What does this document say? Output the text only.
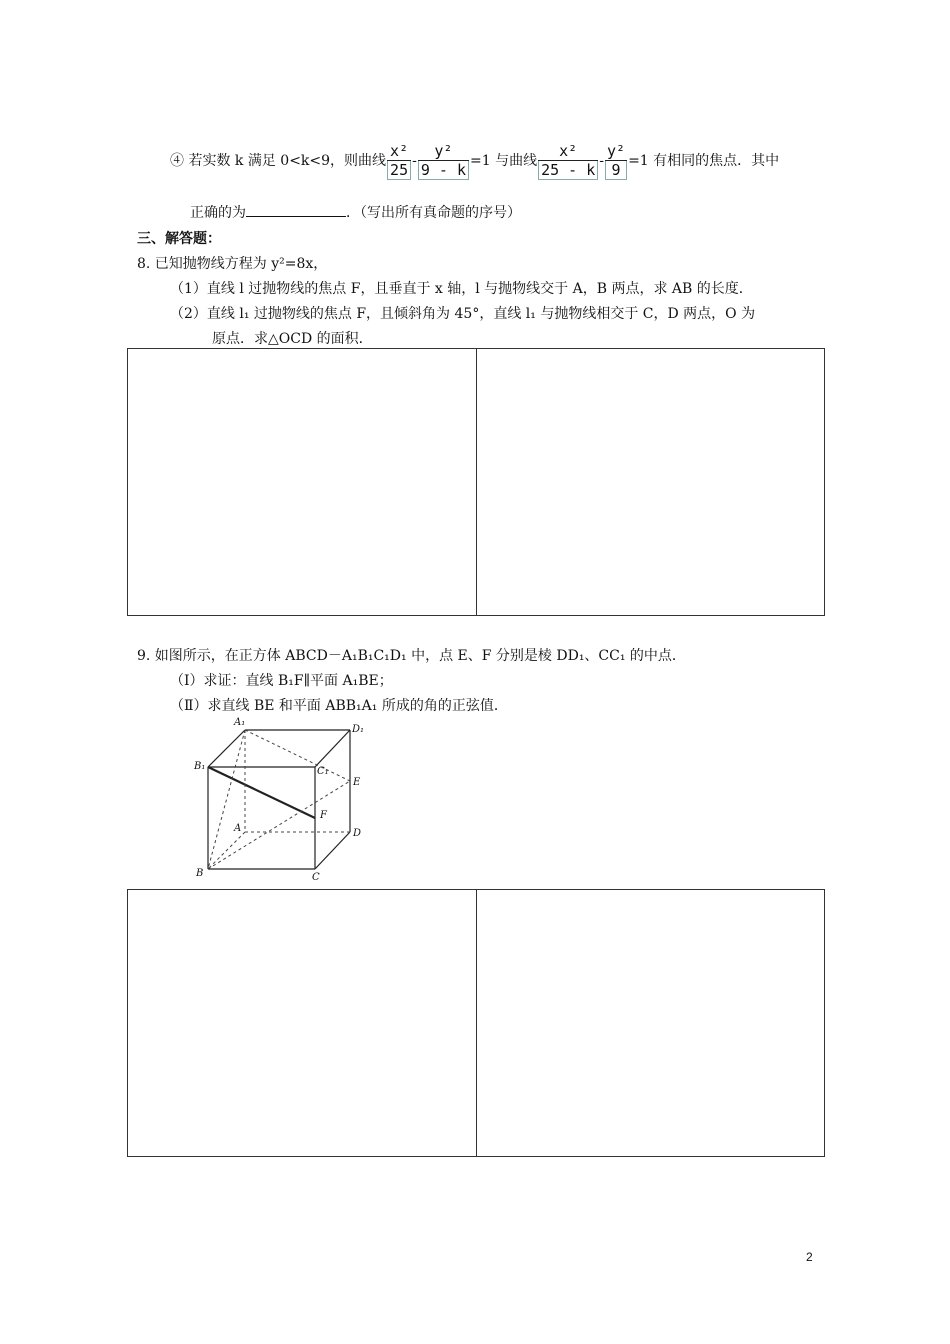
④ 若实数 k 满足 0<k<9，则曲线 $\frac{\text{x²}}{25} - \frac{\text{y²}}{9 - k} =1$ 与曲线 $\frac{\text{x²}}{25 - k} - \frac{\text{y²}}{9} =1$ 有相同的焦点．其中
正确的为	．（写出所有真命题的序号）
三、解答题：
8. 已知抛物线方程为 y²=8x，
（1）直线 l 过抛物线的焦点 F，且垂直于 x 轴，l 与抛物线交于 A，B 两点，求 AB 的长度．
（2）直线 l₁ 过抛物线的焦点 F，且倾斜角为 45°，直线 l₁ 与抛物线相交于 C，D 两点，O 为
原点．求△OCD 的面积．
9. 如图所示，在正方体 ABCD－A₁B₁C₁D₁ 中，点 E、F 分别是棱 DD₁、CC₁ 的中点．
（Ⅰ）求证：直线 B₁F∥平面 A₁BE；
（Ⅱ）求直线 BE 和平面 ABB₁A₁ 所成的角的正弦值．
A₁
D₁
B₁	C₁
E
F
A	D
B	C
2
